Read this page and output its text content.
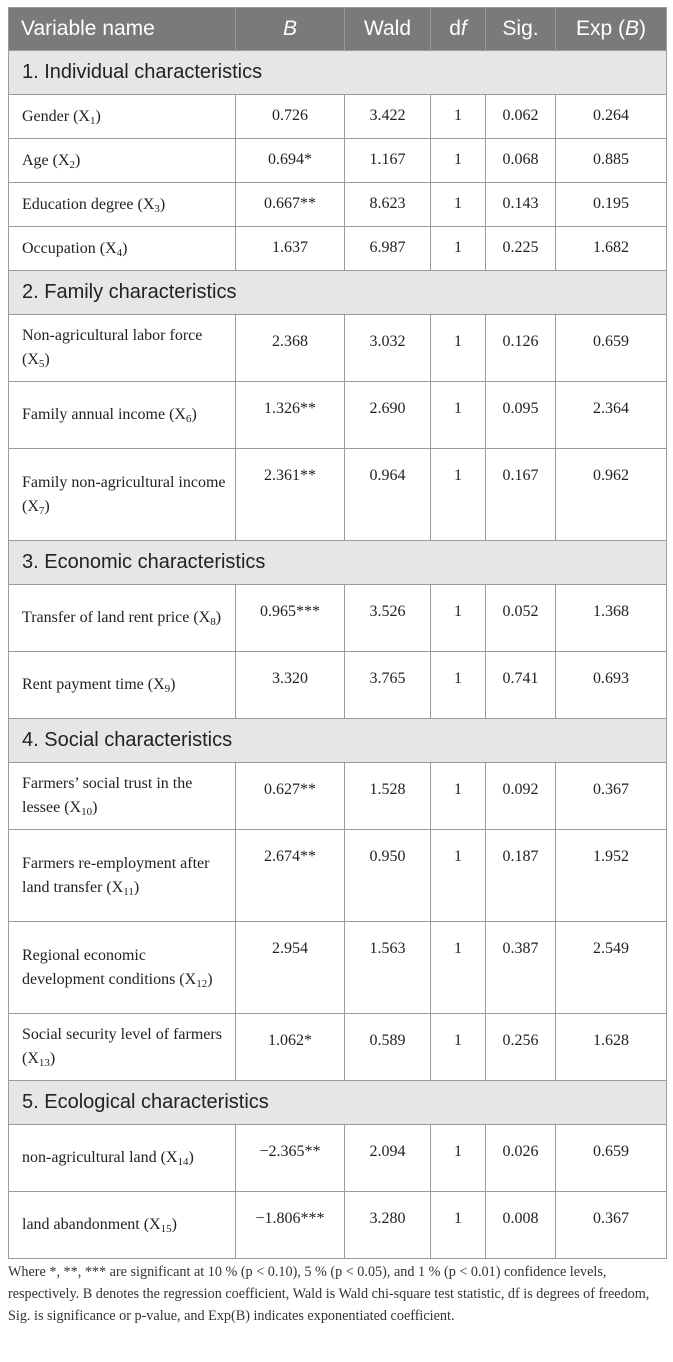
Variable name	B	Wald	df	Sig.	Exp (B)
1. Individual characteristics					
Gender $(X_1)$	0.726	3.422	1	0.062	0.264
Age $(X_2)$	0.694*	1.167	1	0.068	0.885
Education degree $(X_3)$	0.667**	8.623	1	0.143	0.195
Occupation $(X_4)$	1.637	6.987	1	0.225	1.682
2. Family characteristics					
Non-agricultural labor force $(X_5)$	2.368	3.032	1	0.126	0.659
Family annual income $(X_6)$	1.326**	2.690	1	0.095	2.364
Family non-agricultural income $(X_7)$	2.361**	0.964	1	0.167	0.962
3. Economic characteristics					
Transfer of land rent price $(X_8)$	0.965***	3.526	1	0.052	1.368
Rent payment time $(X_9)$	3.320	3.765	1	0.741	0.693
4. Social characteristics					
Farmers’ social trust in the lessee $(X_{10})$	0.627**	1.528	1	0.092	0.367
Farmers re-employment after land transfer $(X_{11})$	2.674**	0.950	1	0.187	1.952
Regional economic development conditions $(X_{12})$	2.954	1.563	1	0.387	2.549
Social security level of farmers $(X_{13})$	1.062*	0.589	1	0.256	1.628
5. Ecological characteristics					
non-agricultural land $(X_{14})$	−2.365**	2.094	1	0.026	0.659
land abandonment $(X_{15})$	−1.806***	3.280	1	0.008	0.367
Where *, **, *** are significant at 10 % (p < 0.10), 5 % (p < 0.05), and 1 % (p < 0.01) confidence levels, respectively. B denotes the regression coefficient, Wald is Wald chi-square test statistic, df is degrees of freedom, Sig. is significance or p-value, and Exp(B) indicates exponentiated coefficient.
